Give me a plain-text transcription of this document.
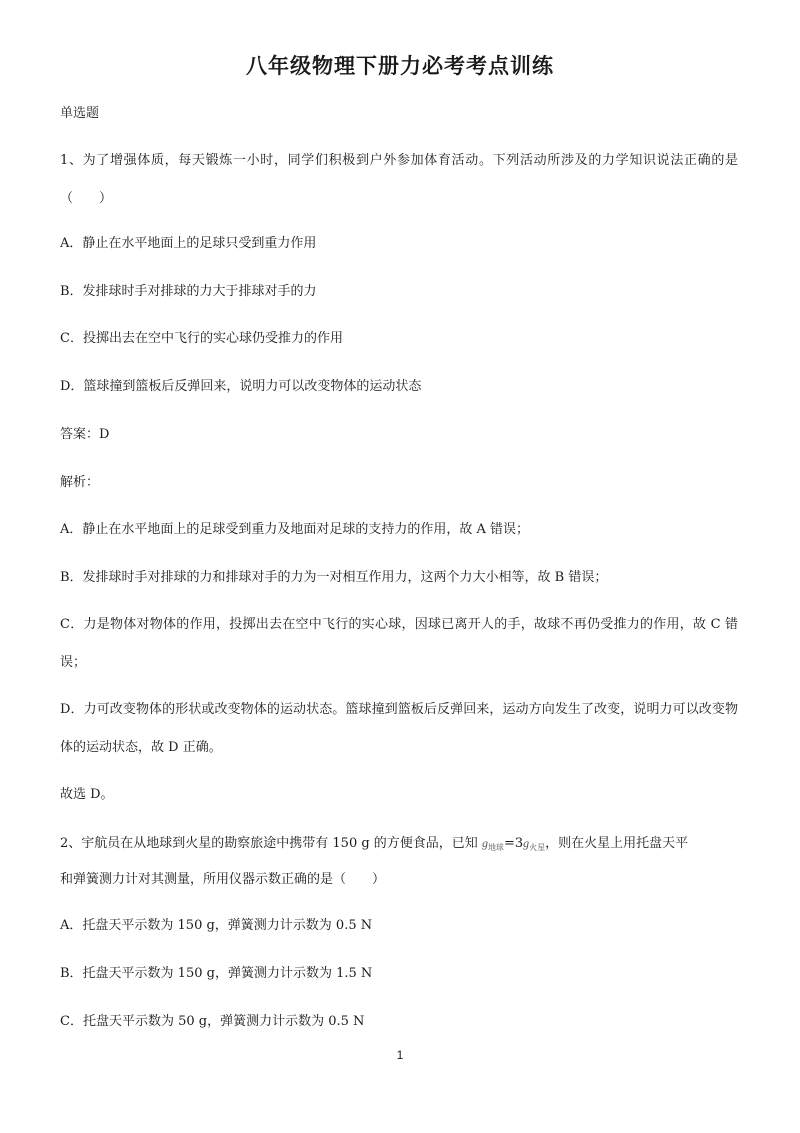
八年级物理下册力必考考点训练
单选题
1、为了增强体质，每天锻炼一小时，同学们积极到户外参加体育活动。下列活动所涉及的力学知识说法正确的是（　　）
A．静止在水平地面上的足球只受到重力作用
B．发排球时手对排球的力大于排球对手的力
C．投掷出去在空中飞行的实心球仍受推力的作用
D．篮球撞到篮板后反弹回来，说明力可以改变物体的运动状态
答案：D
解析：
A．静止在水平地面上的足球受到重力及地面对足球的支持力的作用，故 A 错误；
B．发排球时手对排球的力和排球对手的力为一对相互作用力，这两个力大小相等，故 B 错误；
C．力是物体对物体的作用，投掷出去在空中飞行的实心球，因球已离开人的手，故球不再仍受推力的作用，故 C 错误；
D．力可改变物体的形状或改变物体的运动状态。篮球撞到篮板后反弹回来，运动方向发生了改变，说明力可以改变物体的运动状态，故 D 正确。
故选 D。
2、宇航员在从地球到火星的勘察旅途中携带有 150 g 的方便食品，已知 $g_{地球}=3g_{火星}$，则在火星上用托盘天平
和弹簧测力计对其测量，所用仪器示数正确的是（　　）
A．托盘天平示数为 150 g，弹簧测力计示数为 0.5 N
B．托盘天平示数为 150 g，弹簧测力计示数为 1.5 N
C．托盘天平示数为 50 g，弹簧测力计示数为 0.5 N
1
